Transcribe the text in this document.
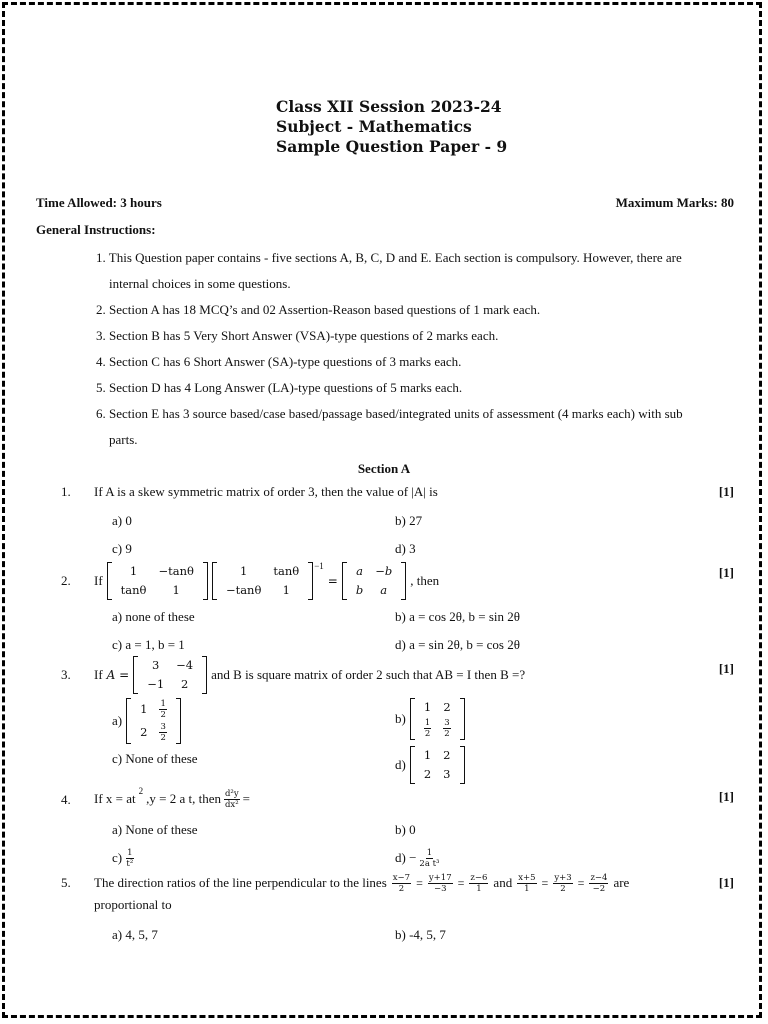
Class XII Session 2023-24
Subject - Mathematics
Sample Question Paper - 9
Time Allowed: 3 hours	Maximum Marks: 80
General Instructions:
1. This Question paper contains - five sections A, B, C, D and E. Each section is compulsory. However, there are
internal choices in some questions.
2. Section A has 18 MCQ’s and 02 Assertion-Reason based questions of 1 mark each.
3. Section B has 5 Very Short Answer (VSA)-type questions of 2 marks each.
4. Section C has 6 Short Answer (SA)-type questions of 3 marks each.
5. Section D has 4 Long Answer (LA)-type questions of 5 marks each.
6. Section E has 3 source based/case based/passage based/integrated units of assessment (4 marks each) with sub
parts.
Section A
1. If A is a skew symmetric matrix of order 3, then the value of |A| is	[1]
a) 0	b) 27
c) 9	d) 3
2. If
1	−tanθ
tanθ	1
1	tanθ
−tanθ	1
−1
=
a	−b
b	a
, then
[1]
a) none of these	b) a = cos 2θ, b = sin 2θ
c) a = 1, b = 1	d) a = sin 2θ, b = cos 2θ
3. If A =
3	−4
−1	2
and B is square matrix of order 2 such that AB = I then B =?	[1]
a)
1	$\frac{1}{2}$

2	$\frac{3}{2}$
b)
1	2

$\frac{1}{2}$	$\frac{3}{2}$
c) None of these	d)
1	2
2	3
4. If x = at 2 ,y = 2 a t, then $\frac{\text{d²y}}{\text{dx²}}$ =	[1]
a) None of these	b) 0
$c) \frac{1}{\text{t²}}$	$d) - \frac{1}{\text{2a t³}}$
5. The direction ratios of the line perpendicular to the lines $\frac{x-7}{2} = \frac{y+17}{-3} = \frac{z-6}{1}$ and $\frac{x+5}{1} = \frac{y+3}{2} = \frac{z-4}{-2}$ are	[1]
proportional to
a) 4, 5, 7	b) -4, 5, 7
